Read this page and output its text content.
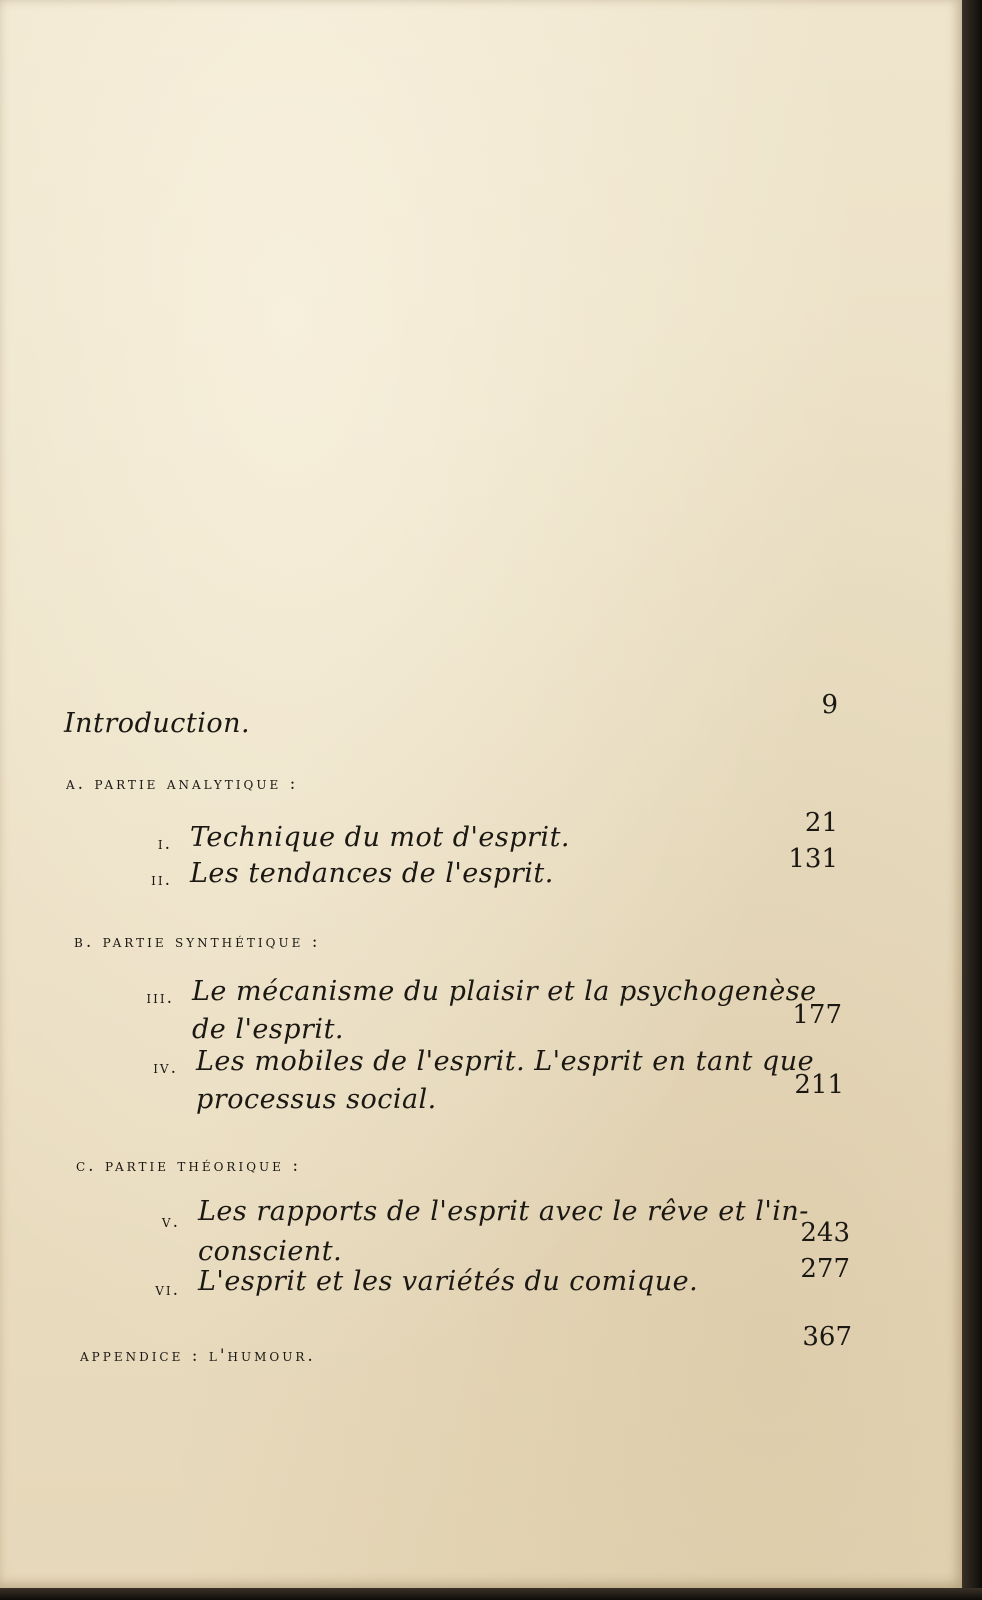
Introduction.
9
a. partie analytique :
i. Technique du mot d'esprit.	21
ii. Les tendances de l'esprit.	131
b. partie synthétique :
iii. Le mécanisme du plaisir et la psychogenèse
de l'esprit.	177
iv. Les mobiles de l'esprit. L'esprit en tant que
processus social.	211
c. partie théorique :
v. Les rapports de l'esprit avec le rêve et l'in-
conscient.
243
vi. L'esprit et les variétés du comique.	277
appendice : l'humour.
367
